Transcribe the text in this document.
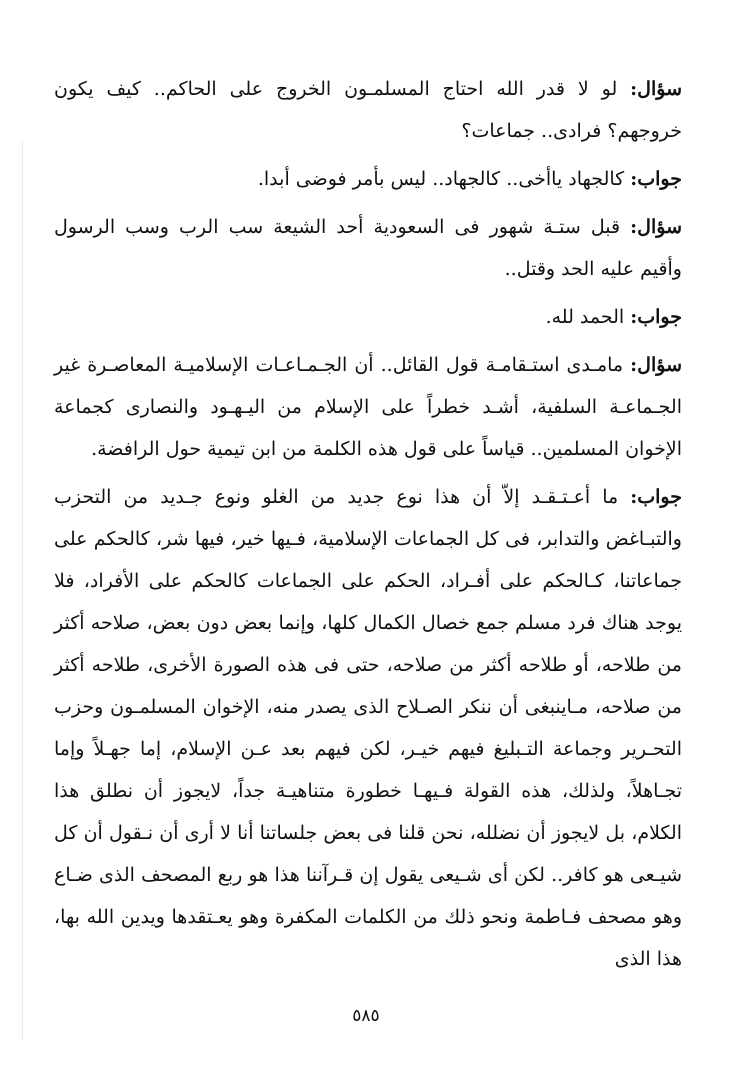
سؤال: لو لا قدر الله احتاج المسلمـون الخروج على الحاكم.. كيف يكون خروجهم؟ فرادى.. جماعات؟

جواب: كالجهاد ياأخى.. كالجهاد.. ليس بأمر فوضى أبدا.

سؤال: قبل ستـة شهور فى السعودية أحد الشيعة سب الرب وسب الرسول وأقيم عليه الحد وقتل..

جواب: الحمد لله.

سؤال: مامـدى استـقامـة قول القائل.. أن الجـمـاعـات الإسلاميـة المعاصـرة غير الجـماعـة السلفية، أشـد خطراً على الإسلام من اليـهـود والنصارى كجماعة الإخوان المسلمين.. قياساً على قول هذه الكلمة من ابن تيمية حول الرافضة.

جواب: ما أعـتـقـد إلاّ أن هذا نوع جديد من الغلو ونوع جـديد من التحزب والتبـاغض والتدابر، فى كل الجماعات الإسلامية، فـيها خير، فيها شر، كالحكم على جماعاتنا، كـالحكم على أفـراد، الحكم على الجماعات كالحكم على الأفراد، فلا يوجد هناك فرد مسلم جمع خصال الكمال كلها، وإنما بعض دون بعض، صلاحه أكثر من طلاحه، أو طلاحه أكثر من صلاحه، حتى فى هذه الصورة الأخرى، طلاحه أكثر من صلاحه، مـاينبغى أن ننكر الصـلاح الذى يصدر منه، الإخوان المسلمـون وحزب التحـرير وجماعة التـبليغ فيهم خيـر، لكن فيهم بعد عـن الإسلام، إما جهـلاً وإما تجـاهلاً، ولذلك، هذه القولة فـيهـا خطورة متناهيـة جداً، لايجوز أن نطلق هذا الكلام، بل لايجوز أن نضلله، نحن قلنا فى بعض جلساتنا أنا لا أرى أن نـقول أن كل شيـعى هو كافر.. لكن أى شـيعى يقول إن قـرآننا هذا هو ربع المصحف الذى ضـاع وهو مصحف فـاطمة ونحو ذلك من الكلمات المكفرة وهو يعـتقدها ويدين الله بها، هذا الذى

٥٨٥
